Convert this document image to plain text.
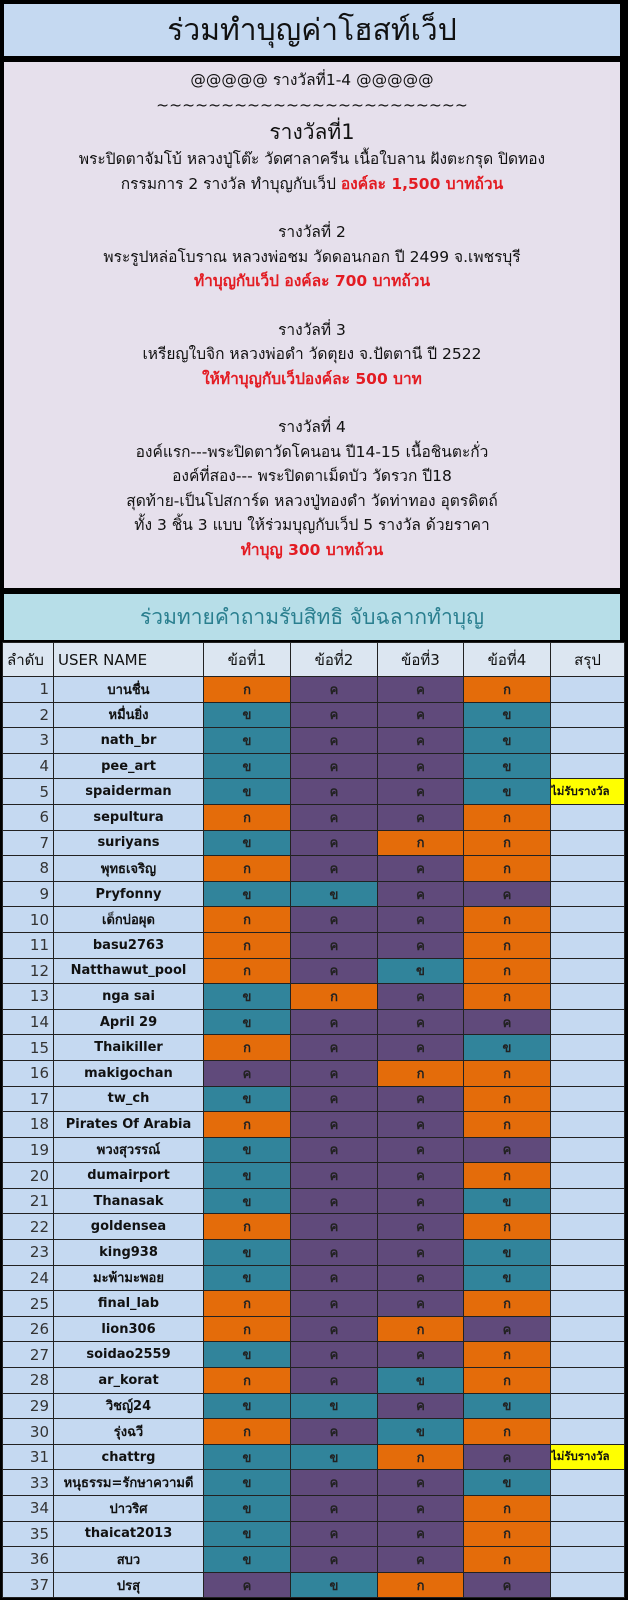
ร่วมทำบุญค่าโฮสท์เว็ป
@@@@@ รางวัลที่1-4 @@@@@
~~~~~~~~~~~~~~~~~~~~~~~~
รางวัลที่1
พระปิดตาจัมโบ้ หลวงปู่โต๊ะ วัดศาลาครีน เนื้อใบลาน ฝังตะกรุด ปิดทอง
กรรมการ 2 รางวัล ทำบุญกับเว็ป องค์ละ 1,500 บาทถ้วน
รางวัลที่ 2
พระรูปหล่อโบราณ หลวงพ่อชม วัดดอนกอก ปี 2499 จ.เพชรบุรี
ทำบุญกับเว็ป องค์ละ 700 บาทถ้วน
รางวัลที่ 3
เหรียญใบจิก หลวงพ่อดำ วัดตุยง จ.ปัตตานี ปี 2522
ให้ทำบุญกับเว็ปองค์ละ 500 บาท
รางวัลที่ 4
องค์แรก---พระปิดตาวัดโคนอน ปี14-15 เนื้อชินตะกั่ว
องค์ที่สอง--- พระปิดตาเม็ดบัว วัดรวก ปี18
สุดท้าย-เป็นโปสการ์ด หลวงปู่ทองดำ วัดท่าทอง อุตรดิตถ์
ทั้ง 3 ชิ้น 3 แบบ ให้ร่วมบุญกับเว็ป 5 รางวัล ด้วยราคา
ทำบุญ 300 บาทถ้วน
ร่วมทายคำถามรับสิทธิ จับฉลากทำบุญ
ลำดับ	USER NAME	ข้อที่1	ข้อที่2	ข้อที่3	ข้อที่4	สรุป
1	บานชื่น	ก	ค	ค	ก	
2	หมื่นยิ่ง	ข	ค	ค	ข	
3	nath_br	ข	ค	ค	ข	
4	pee_art	ข	ค	ค	ข	
5	spaiderman	ข	ค	ค	ข	ไม่รับรางวัล
6	sepultura	ก	ค	ค	ก	
7	suriyans	ข	ค	ก	ก	
8	พุทธเจริญ	ก	ค	ค	ก	
9	Pryfonny	ข	ข	ค	ค	
10	เด็กบ่อผุด	ก	ค	ค	ก	
11	basu2763	ก	ค	ค	ก	
12	Natthawut_pool	ก	ค	ข	ก	
13	nga sai	ข	ก	ค	ก	
14	April 29	ข	ค	ค	ค	
15	Thaikiller	ก	ค	ค	ข	
16	makigochan	ค	ค	ก	ก	
17	tw_ch	ข	ค	ค	ก	
18	Pirates Of Arabia	ก	ค	ค	ก	
19	พวงสุวรรณ์	ข	ค	ค	ค	
20	dumairport	ข	ค	ค	ก	
21	Thanasak	ข	ค	ค	ข	
22	goldensea	ก	ค	ค	ก	
23	king938	ข	ค	ค	ข	
24	มะพ้ามะพอย	ข	ค	ค	ข	
25	final_lab	ก	ค	ค	ก	
26	lion306	ก	ค	ก	ค	
27	soidao2559	ข	ค	ค	ก	
28	ar_korat	ก	ค	ข	ก	
29	วิชญ์24	ข	ข	ค	ข	
30	รุ่งฉวี	ก	ค	ข	ก	
31	chattrg	ข	ข	ก	ค	ไม่รับรางวัล
33	หนุธรรม=รักษาความดี	ข	ค	ค	ข	
34	ปาวริศ	ข	ค	ค	ก	
35	thaicat2013	ข	ค	ค	ก	
36	สบว	ข	ค	ค	ก	
37	ปรสุ	ค	ข	ก	ค	
